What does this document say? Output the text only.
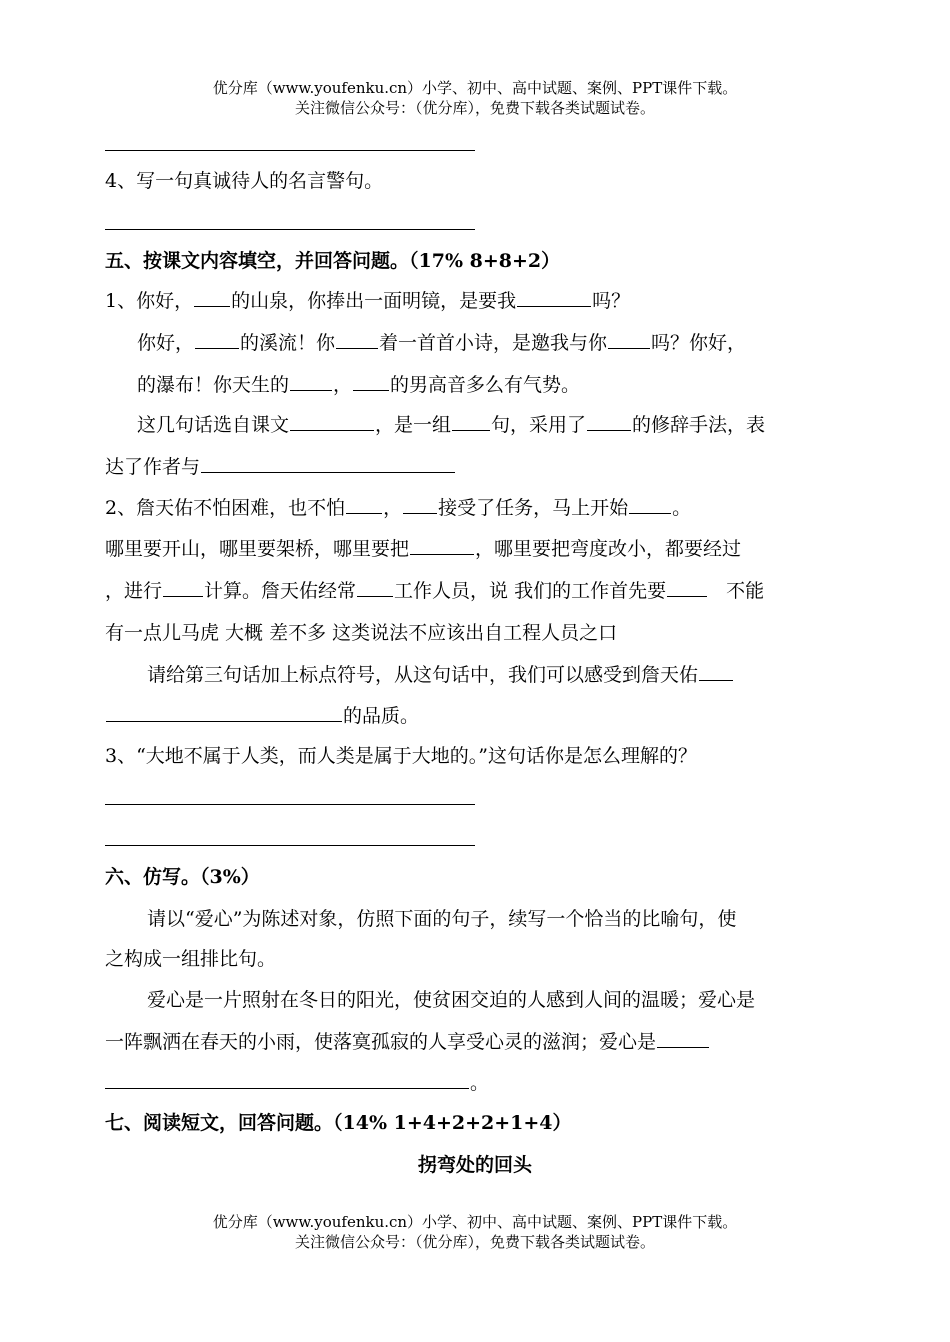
优分库（www.youfenku.cn）小学、初中、高中试题、案例、PPT课件下载。
关注微信公众号：（优分库），免费下载各类试题试卷。
4、写一句真诚待人的名言警句。
五、按课文内容填空，并回答问题。（17% 8+8+2）
1、你好， 的山泉，你捧出一面明镜，是要我	吗？
你好， 的溪流！你 着一首首小诗，是邀我与你 吗？你好，
的瀑布！你天生的 ， 的男高音多么有气势。
这几句话选自课文	，是一组 句，采用了 的修辞手法，表
达了作者与
2、詹天佑不怕困难，也不怕 ， 接受了任务，马上开始 。
哪里要开山，哪里要架桥，哪里要把	，哪里要把弯度改小，都要经过
，进行 计算。詹天佑经常 工作人员，说 我们的工作首先要	不能
有一点儿马虎 大概 差不多 这类说法不应该出自工程人员之口
请给第三句话加上标点符号，从这句话中，我们可以感受到詹天佑
的品质。
3、“大地不属于人类，而人类是属于大地的。”这句话你是怎么理解的？
六、仿写。（3%）
请以“爱心”为陈述对象，仿照下面的句子，续写一个恰当的比喻句，使
之构成一组排比句。
爱心是一片照射在冬日的阳光，使贫困交迫的人感到人间的温暖；爱心是
一阵飘洒在春天的小雨，使落寞孤寂的人享受心灵的滋润；爱心是
。
七、阅读短文，回答问题。（14% 1+4+2+2+1+4）
拐弯处的回头
优分库（www.youfenku.cn）小学、初中、高中试题、案例、PPT课件下载。
关注微信公众号：（优分库），免费下载各类试题试卷。
